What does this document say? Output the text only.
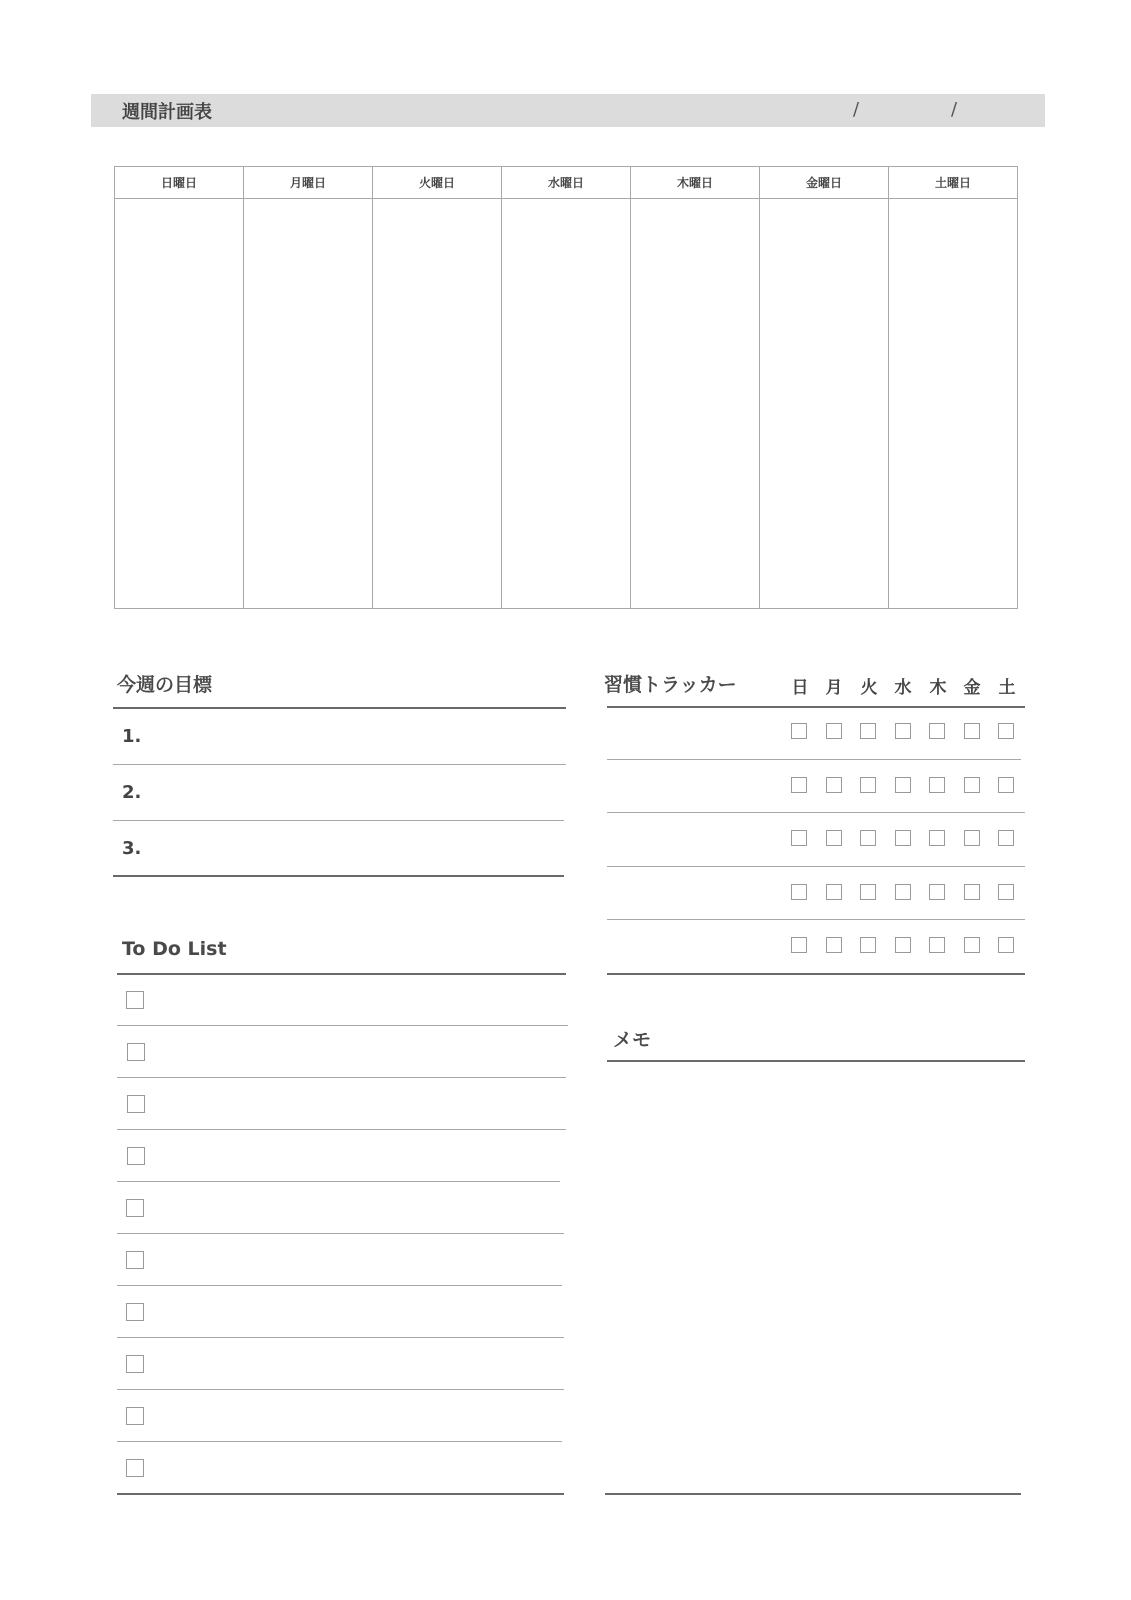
週間計画表	/	/
日曜日	月曜日	火曜日	水曜日	木曜日	金曜日	土曜日
今週の目標
1.
2.
3.
To Do List
習慣トラッカー	日 月 火 水 木 金 土
メモ
